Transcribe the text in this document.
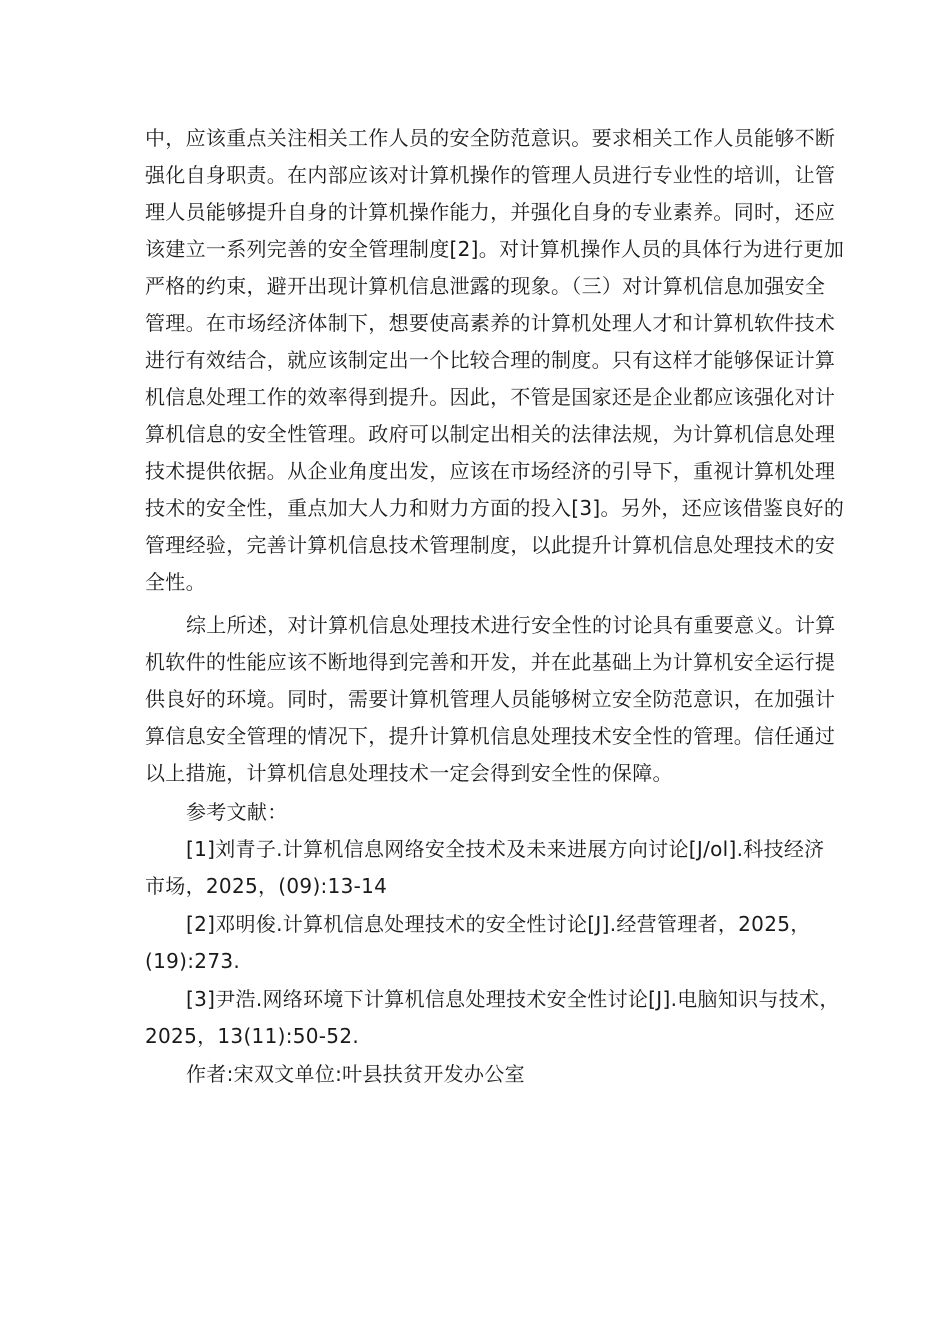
中，应该重点关注相关工作人员的安全防范意识。要求相关工作人员能够不断
强化自身职责。在内部应该对计算机操作的管理人员进行专业性的培训，让管
理人员能够提升自身的计算机操作能力，并强化自身的专业素养。同时，还应
该建立一系列完善的安全管理制度[2]。对计算机操作人员的具体行为进行更加
严格的约束，避开出现计算机信息泄露的现象。（三）对计算机信息加强安全
管理。在市场经济体制下，想要使高素养的计算机处理人才和计算机软件技术
进行有效结合，就应该制定出一个比较合理的制度。只有这样才能够保证计算
机信息处理工作的效率得到提升。因此，不管是国家还是企业都应该强化对计
算机信息的安全性管理。政府可以制定出相关的法律法规，为计算机信息处理
技术提供依据。从企业角度出发，应该在市场经济的引导下，重视计算机处理
技术的安全性，重点加大人力和财力方面的投入[3]。另外，还应该借鉴良好的
管理经验，完善计算机信息技术管理制度，以此提升计算机信息处理技术的安
全性。
综上所述，对计算机信息处理技术进行安全性的讨论具有重要意义。计算
机软件的性能应该不断地得到完善和开发，并在此基础上为计算机安全运行提
供良好的环境。同时，需要计算机管理人员能够树立安全防范意识，在加强计
算信息安全管理的情况下，提升计算机信息处理技术安全性的管理。信任通过
以上措施，计算机信息处理技术一定会得到安全性的保障。
参考文献：
[1]刘青子.计算机信息网络安全技术及未来进展方向讨论[J/ol].科技经济
市场，2025，(09):13-14
[2]邓明俊.计算机信息处理技术的安全性讨论[J].经营管理者，2025，
(19):273.
[3]尹浩.网络环境下计算机信息处理技术安全性讨论[J].电脑知识与技术，
2025，13(11):50-52.
作者:宋双文单位:叶县扶贫开发办公室
